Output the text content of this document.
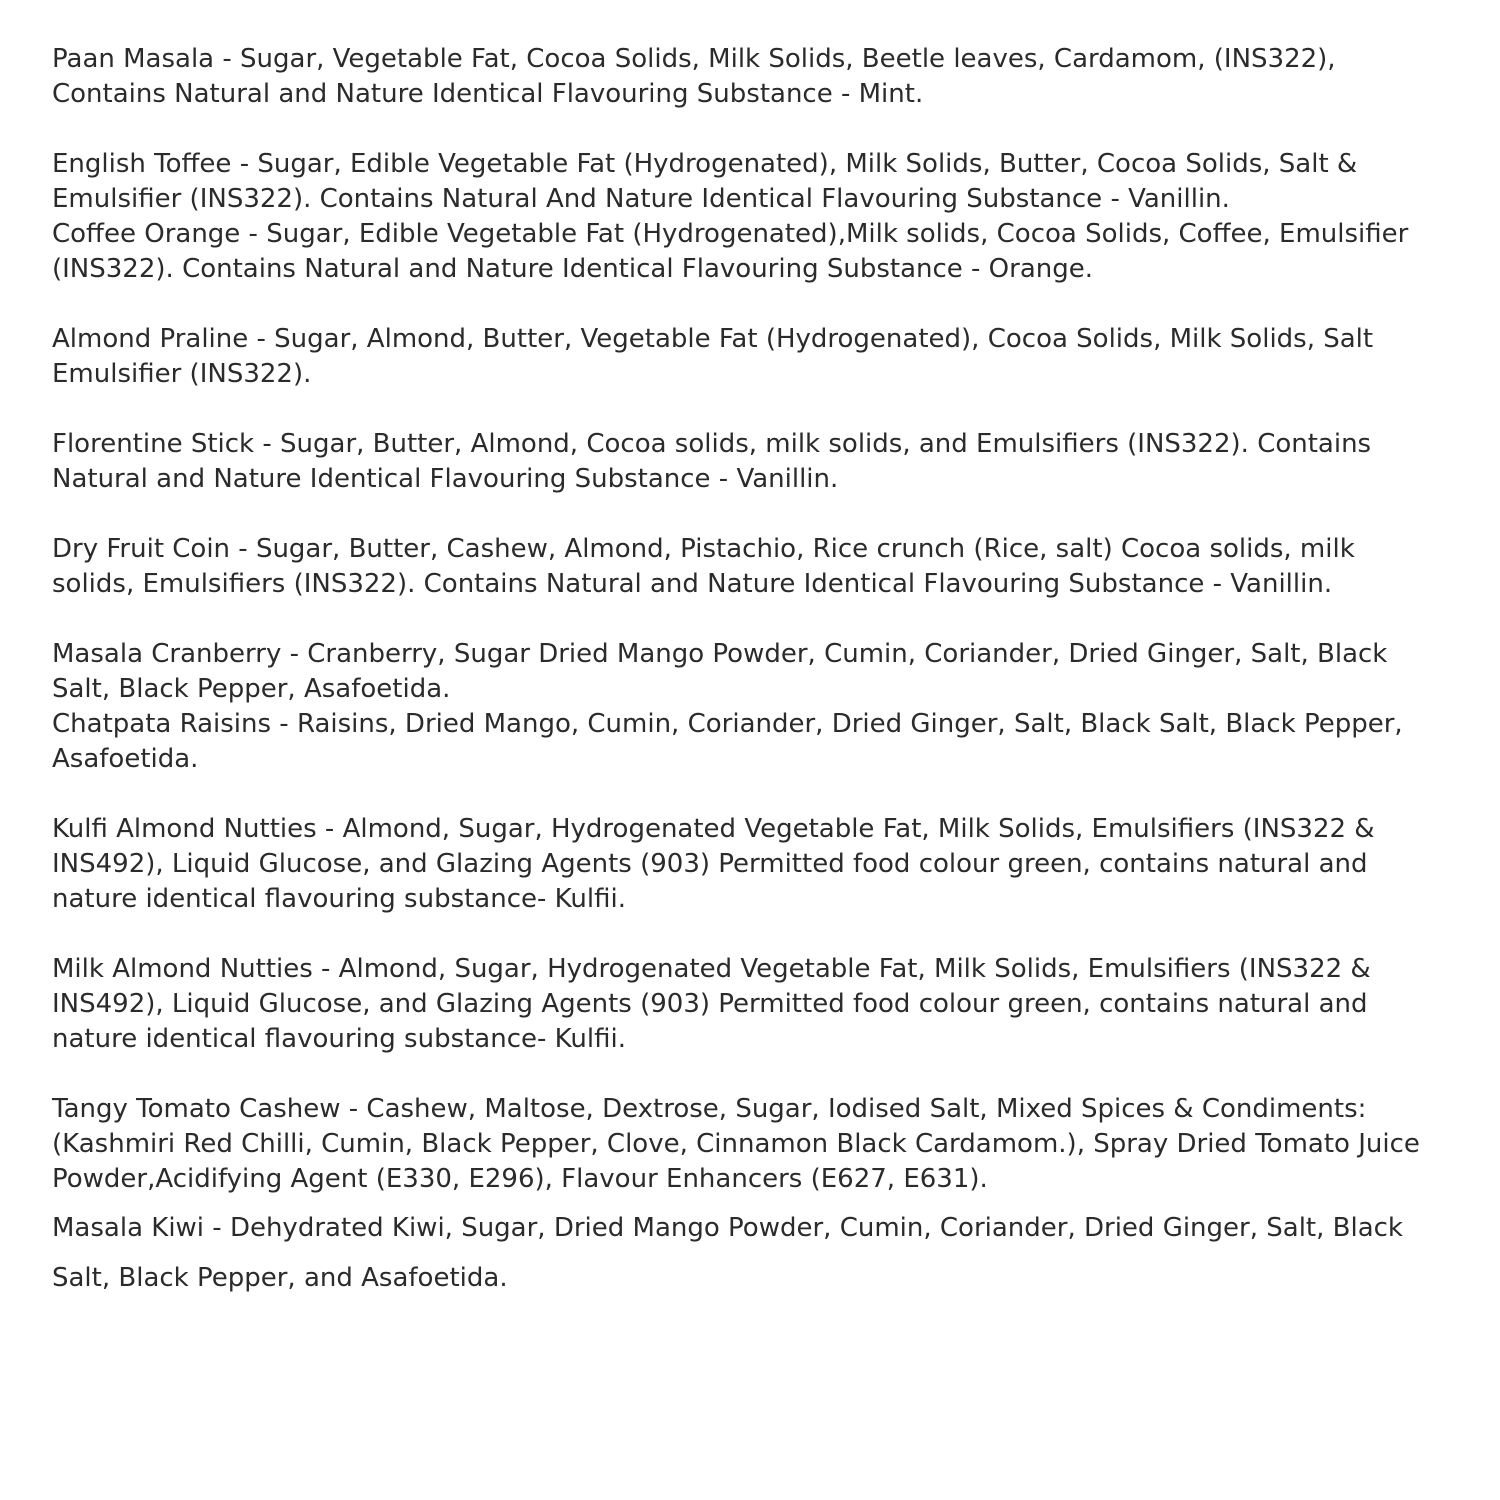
Paan Masala - Sugar, Vegetable Fat, Cocoa Solids, Milk Solids, Beetle leaves, Cardamom, (INS322), Contains Natural and Nature Identical Flavouring Substance - Mint.

English Toffee - Sugar, Edible Vegetable Fat (Hydrogenated), Milk Solids, Butter, Cocoa Solids, Salt & Emulsifier (INS322). Contains Natural And Nature Identical Flavouring Substance - Vanillin.

Coffee Orange - Sugar, Edible Vegetable Fat (Hydrogenated),Milk solids, Cocoa Solids, Coffee, Emulsifier (INS322). Contains Natural and Nature Identical Flavouring Substance - Orange.

Almond Praline - Sugar, Almond, Butter, Vegetable Fat (Hydrogenated), Cocoa Solids, Milk Solids, Salt Emulsifier (INS322).

Florentine Stick - Sugar, Butter, Almond, Cocoa solids, milk solids, and Emulsifiers (INS322). Contains Natural and Nature Identical Flavouring Substance - Vanillin.

Dry Fruit Coin - Sugar, Butter, Cashew, Almond, Pistachio, Rice crunch (Rice, salt) Cocoa solids, milk solids, Emulsifiers (INS322). Contains Natural and Nature Identical Flavouring Substance - Vanillin.

Masala Cranberry - Cranberry, Sugar Dried Mango Powder, Cumin, Coriander, Dried Ginger, Salt, Black Salt, Black Pepper, Asafoetida.

Chatpata Raisins - Raisins, Dried Mango, Cumin, Coriander, Dried Ginger, Salt, Black Salt, Black Pepper, Asafoetida.

Kulfi Almond Nutties - Almond, Sugar, Hydrogenated Vegetable Fat, Milk Solids, Emulsifiers (INS322 & INS492), Liquid Glucose, and Glazing Agents (903) Permitted food colour green, contains natural and nature identical flavouring substance- Kulfii.

Milk Almond Nutties - Almond, Sugar, Hydrogenated Vegetable Fat, Milk Solids, Emulsifiers (INS322 & INS492), Liquid Glucose, and Glazing Agents (903) Permitted food colour green, contains natural and nature identical flavouring substance- Kulfii.

Tangy Tomato Cashew - Cashew, Maltose, Dextrose, Sugar, Iodised Salt, Mixed Spices & Condiments: (Kashmiri Red Chilli, Cumin, Black Pepper, Clove, Cinnamon Black Cardamom.), Spray Dried Tomato Juice Powder,Acidifying Agent (E330, E296), Flavour Enhancers (E627, E631).

Masala Kiwi - Dehydrated Kiwi, Sugar, Dried Mango Powder, Cumin, Coriander, Dried Ginger, Salt, Black Salt, Black Pepper, and Asafoetida.
